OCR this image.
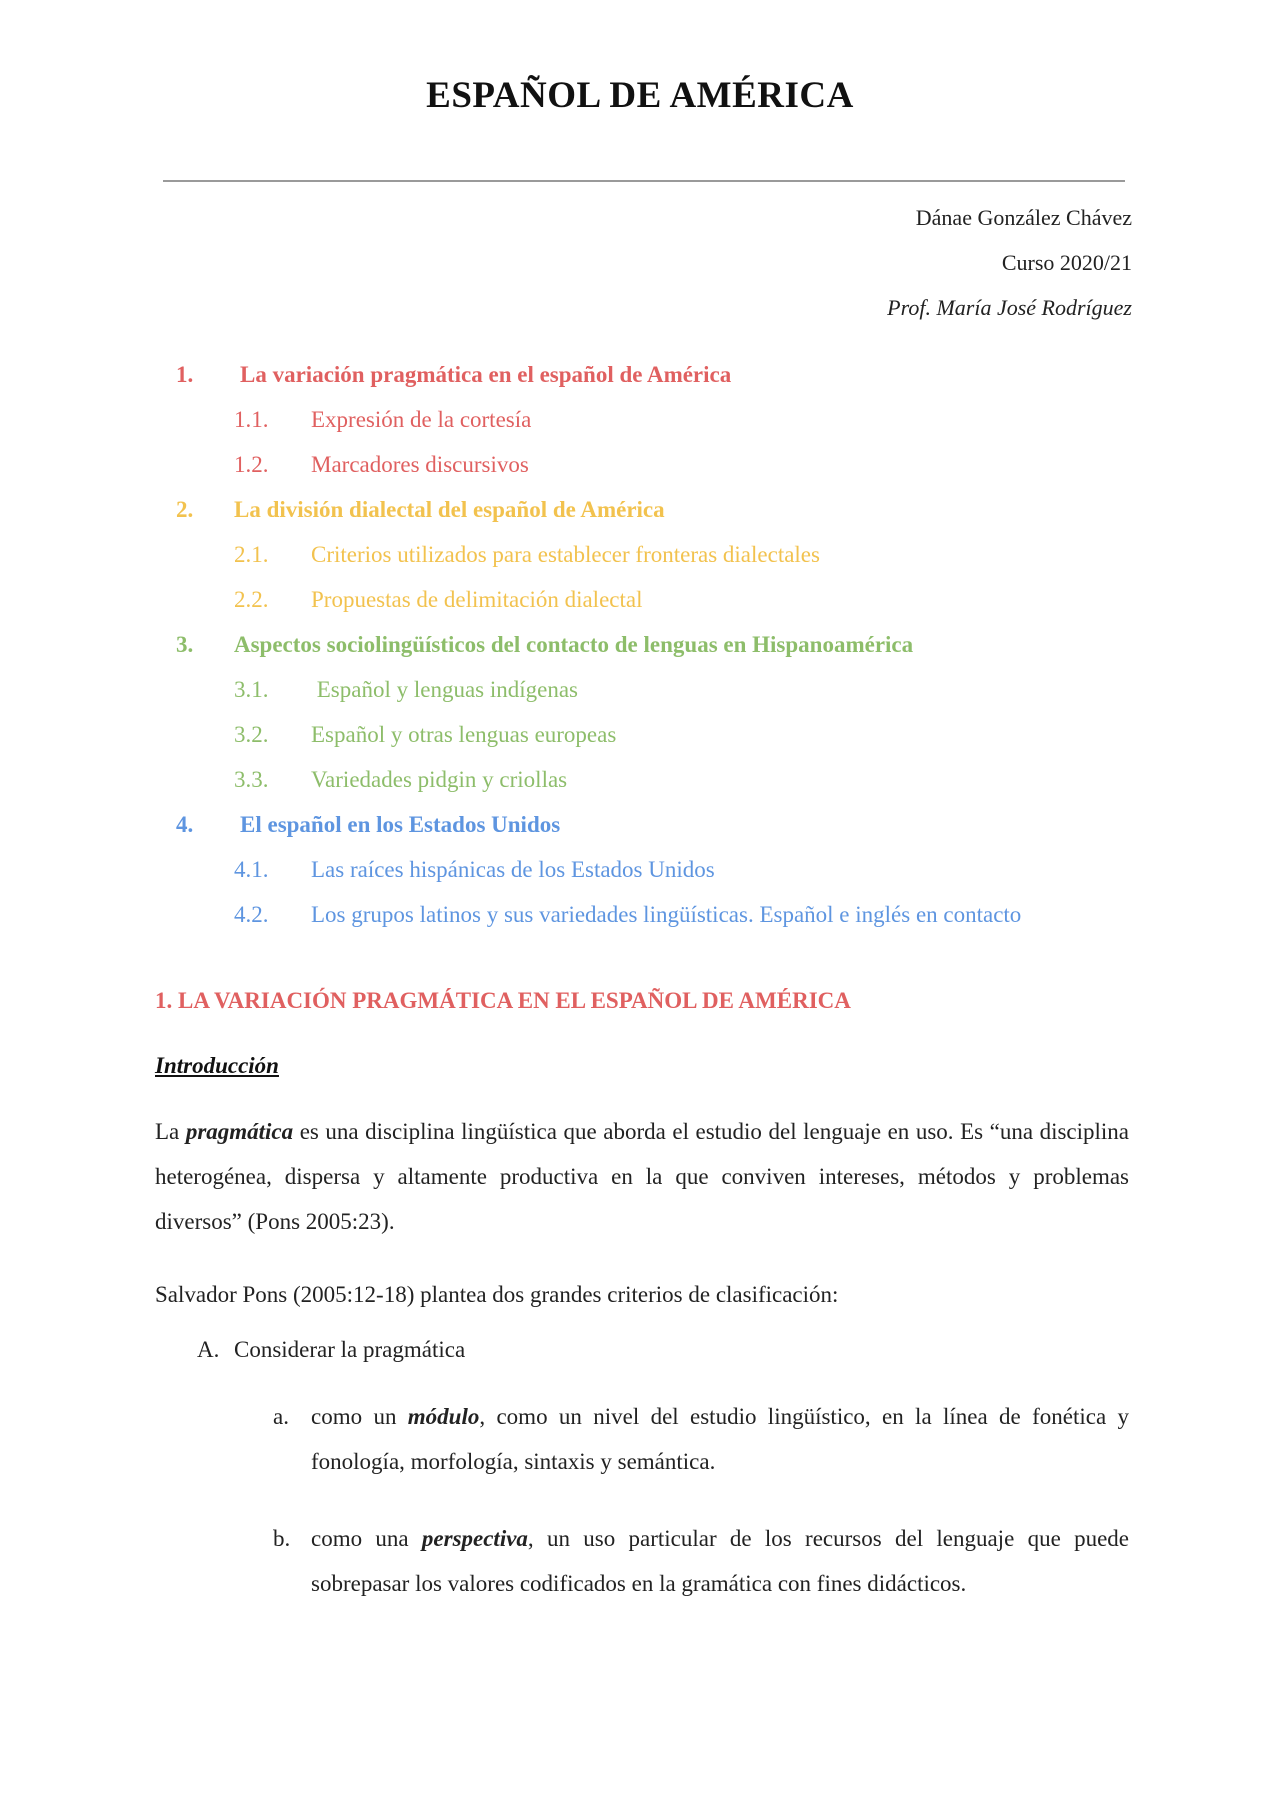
ESPAÑOL DE AMÉRICA
Dánae González Chávez
Curso 2020/21
Prof. María José Rodríguez
1. La variación pragmática en el español de América
1.1. Expresión de la cortesía
1.2. Marcadores discursivos
2. La división dialectal del español de América
2.1. Criterios utilizados para establecer fronteras dialectales
2.2. Propuestas de delimitación dialectal
3. Aspectos sociolingüísticos del contacto de lenguas en Hispanoamérica
3.1. Español y lenguas indígenas
3.2. Español y otras lenguas europeas
3.3. Variedades pidgin y criollas
4. El español en los Estados Unidos
4.1. Las raíces hispánicas de los Estados Unidos
4.2. Los grupos latinos y sus variedades lingüísticas. Español e inglés en contacto
1. LA VARIACIÓN PRAGMÁTICA EN EL ESPAÑOL DE AMÉRICA
Introducción

La pragmática es una disciplina lingüística que aborda el estudio del lenguaje en uso. Es “una disciplina heterogénea, dispersa y altamente productiva en la que conviven intereses, métodos y problemas diversos” (Pons 2005:23).

Salvador Pons (2005:12-18) plantea dos grandes criterios de clasificación:

A. Considerar la pragmática
a. como un módulo, como un nivel del estudio lingüístico, en la línea de fonética y fonología, morfología, sintaxis y semántica.

b. como una perspectiva, un uso particular de los recursos del lenguaje que puede sobrepasar los valores codificados en la gramática con fines didácticos.
